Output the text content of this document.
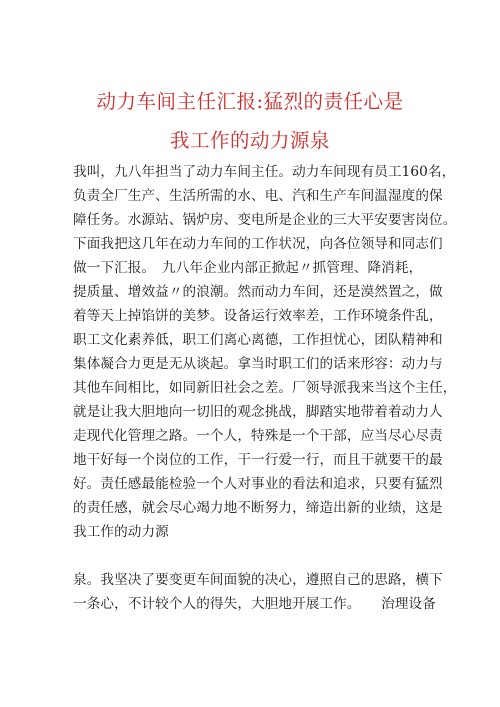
动力车间主任汇报:猛烈的责任心是
我工作的动力源泉
我叫，九八年担当了动力车间主任。动力车间现有员工160名，
负责全厂生产、生活所需的水、电、汽和生产车间温湿度的保
障任务。水源站、锅炉房、变电所是企业的三大平安要害岗位。
下面我把这几年在动力车间的工作状况，向各位领导和同志们
做一下汇报。　九八年企业内部正掀起〃抓管理、降消耗，
提质量、增效益〃的浪潮。然而动力车间，还是漠然置之，做
着等天上掉馅饼的美梦。设备运行效率差，工作环境条件乱，
职工文化素养低，职工们离心离德，工作担忧心，团队精神和
集体凝合力更是无从谈起。拿当时职工们的话来形容：动力与
其他车间相比，如同新旧社会之差。厂领导派我来当这个主任，
就是让我大胆地向一切旧的观念挑战，脚踏实地带着着动力人
走现代化管理之路。一个人，特殊是一个干部，应当尽心尽责
地干好每一个岗位的工作，干一行爱一行，而且干就要干的最
好。责任感最能检验一个人对事业的看法和追求，只要有猛烈
的责任感，就会尽心竭力地不断努力，缔造出新的业绩，这是
我工作的动力源
泉。我坚决了要变更车间面貌的决心，遵照自己的思路，横下
一条心，不计较个人的得失，大胆地开展工作。　　治理设备
